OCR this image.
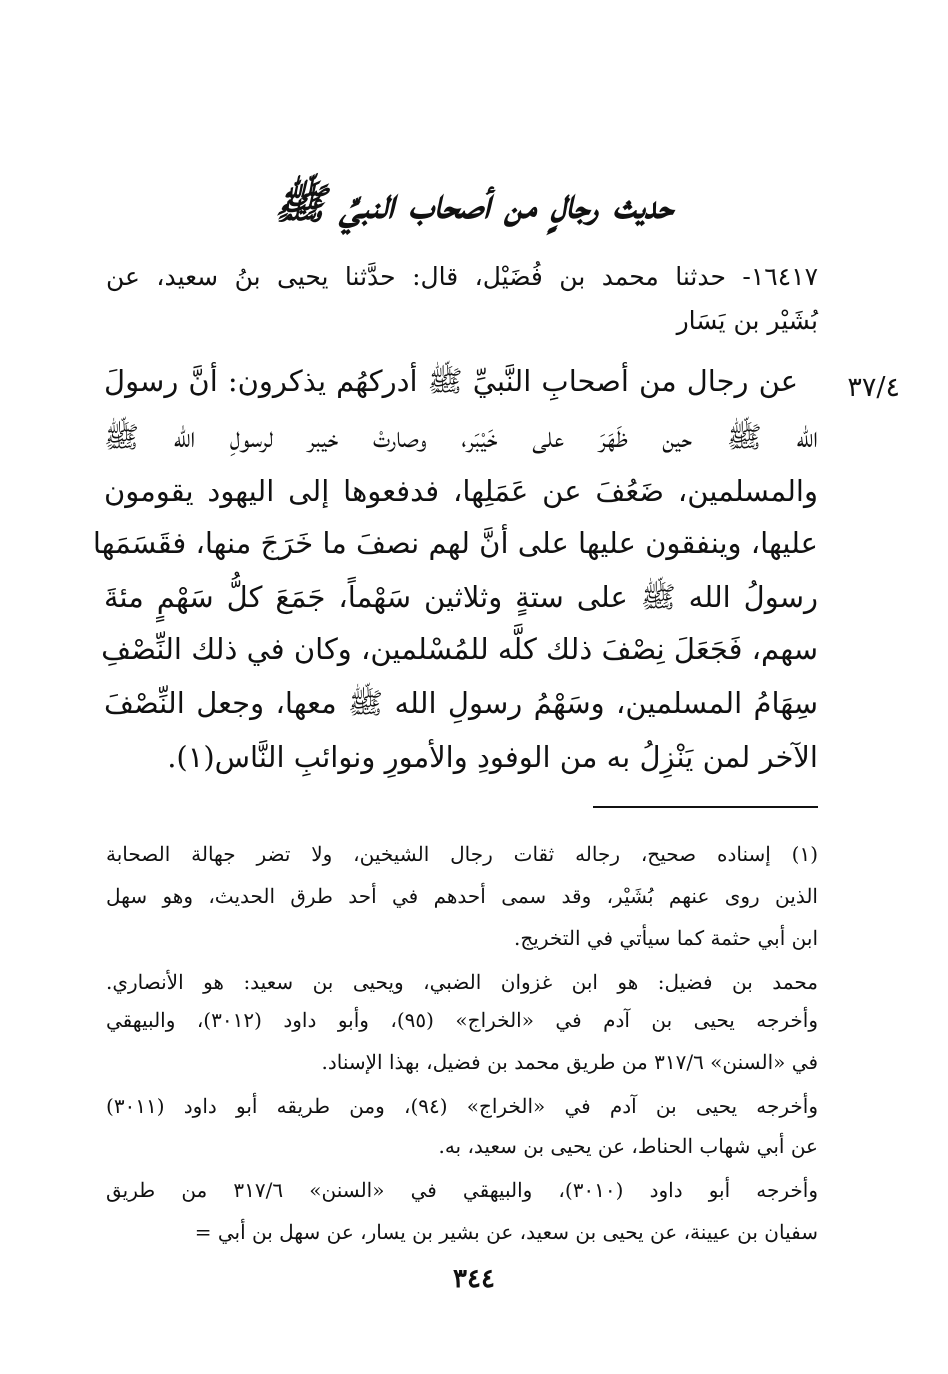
حديث رجالٍ من أصحاب النبيِّ ﷺ
١٦٤١٧- حدثنا محمد بن فُضَيْل، قال: حدَّثنا يحيى بنُ سعيد، عن
بُشَيْر بن يَسَار
٣٧/٤
عن رجال من أصحابِ النَّبيِّ ﷺ أدركهُم يذكرون: أنَّ رسولَ
الله ﷺ حين ظَهَرَ على خَيْبَر، وصارتْ خيبر لرسولِ الله ﷺ
والمسلمين، ضَعُفَ عن عَمَلِها، فدفعوها إلى اليهود يقومون
عليها، وينفقون عليها على أنَّ لهم نصفَ ما خَرَجَ منها، فقَسَمَها
رسولُ الله ﷺ على ستةٍ وثلاثين سَهْماً، جَمَعَ كلُّ سَهْمٍ مئةَ
سهم، فَجَعَلَ نِصْفَ ذلك كلَّه للمُسْلمين، وكان في ذلك النِّصْفِ
سِهَامُ المسلمين، وسَهْمُ رسولِ الله ﷺ معها، وجعل النِّصْفَ
الآخر لمن يَنْزِلُ به من الوفودِ والأمورِ ونوائبِ النَّاس(١).
(١) إسناده صحيح، رجاله ثقات رجال الشيخين، ولا تضر جهالة الصحابة
الذين روى عنهم بُشَيْر، وقد سمى أحدهم في أحد طرق الحديث، وهو سهل
ابن أبي حثمة كما سيأتي في التخريج.
محمد بن فضيل: هو ابن غزوان الضبي، ويحيى بن سعيد: هو الأنصاري.
وأخرجه يحيى بن آدم في «الخراج» (٩٥)، وأبو داود (٣٠١٢)، والبيهقي
في «السنن» ٣١٧/٦ من طريق محمد بن فضيل، بهذا الإسناد.
وأخرجه يحيى بن آدم في «الخراج» (٩٤)، ومن طريقه أبو داود (٣٠١١)
عن أبي شهاب الحناط، عن يحيى بن سعيد، به.
وأخرجه أبو داود (٣٠١٠)، والبيهقي في «السنن» ٣١٧/٦ من طريق
سفيان بن عيينة، عن يحيى بن سعيد، عن بشير بن يسار، عن سهل بن أبي =
٣٤٤
